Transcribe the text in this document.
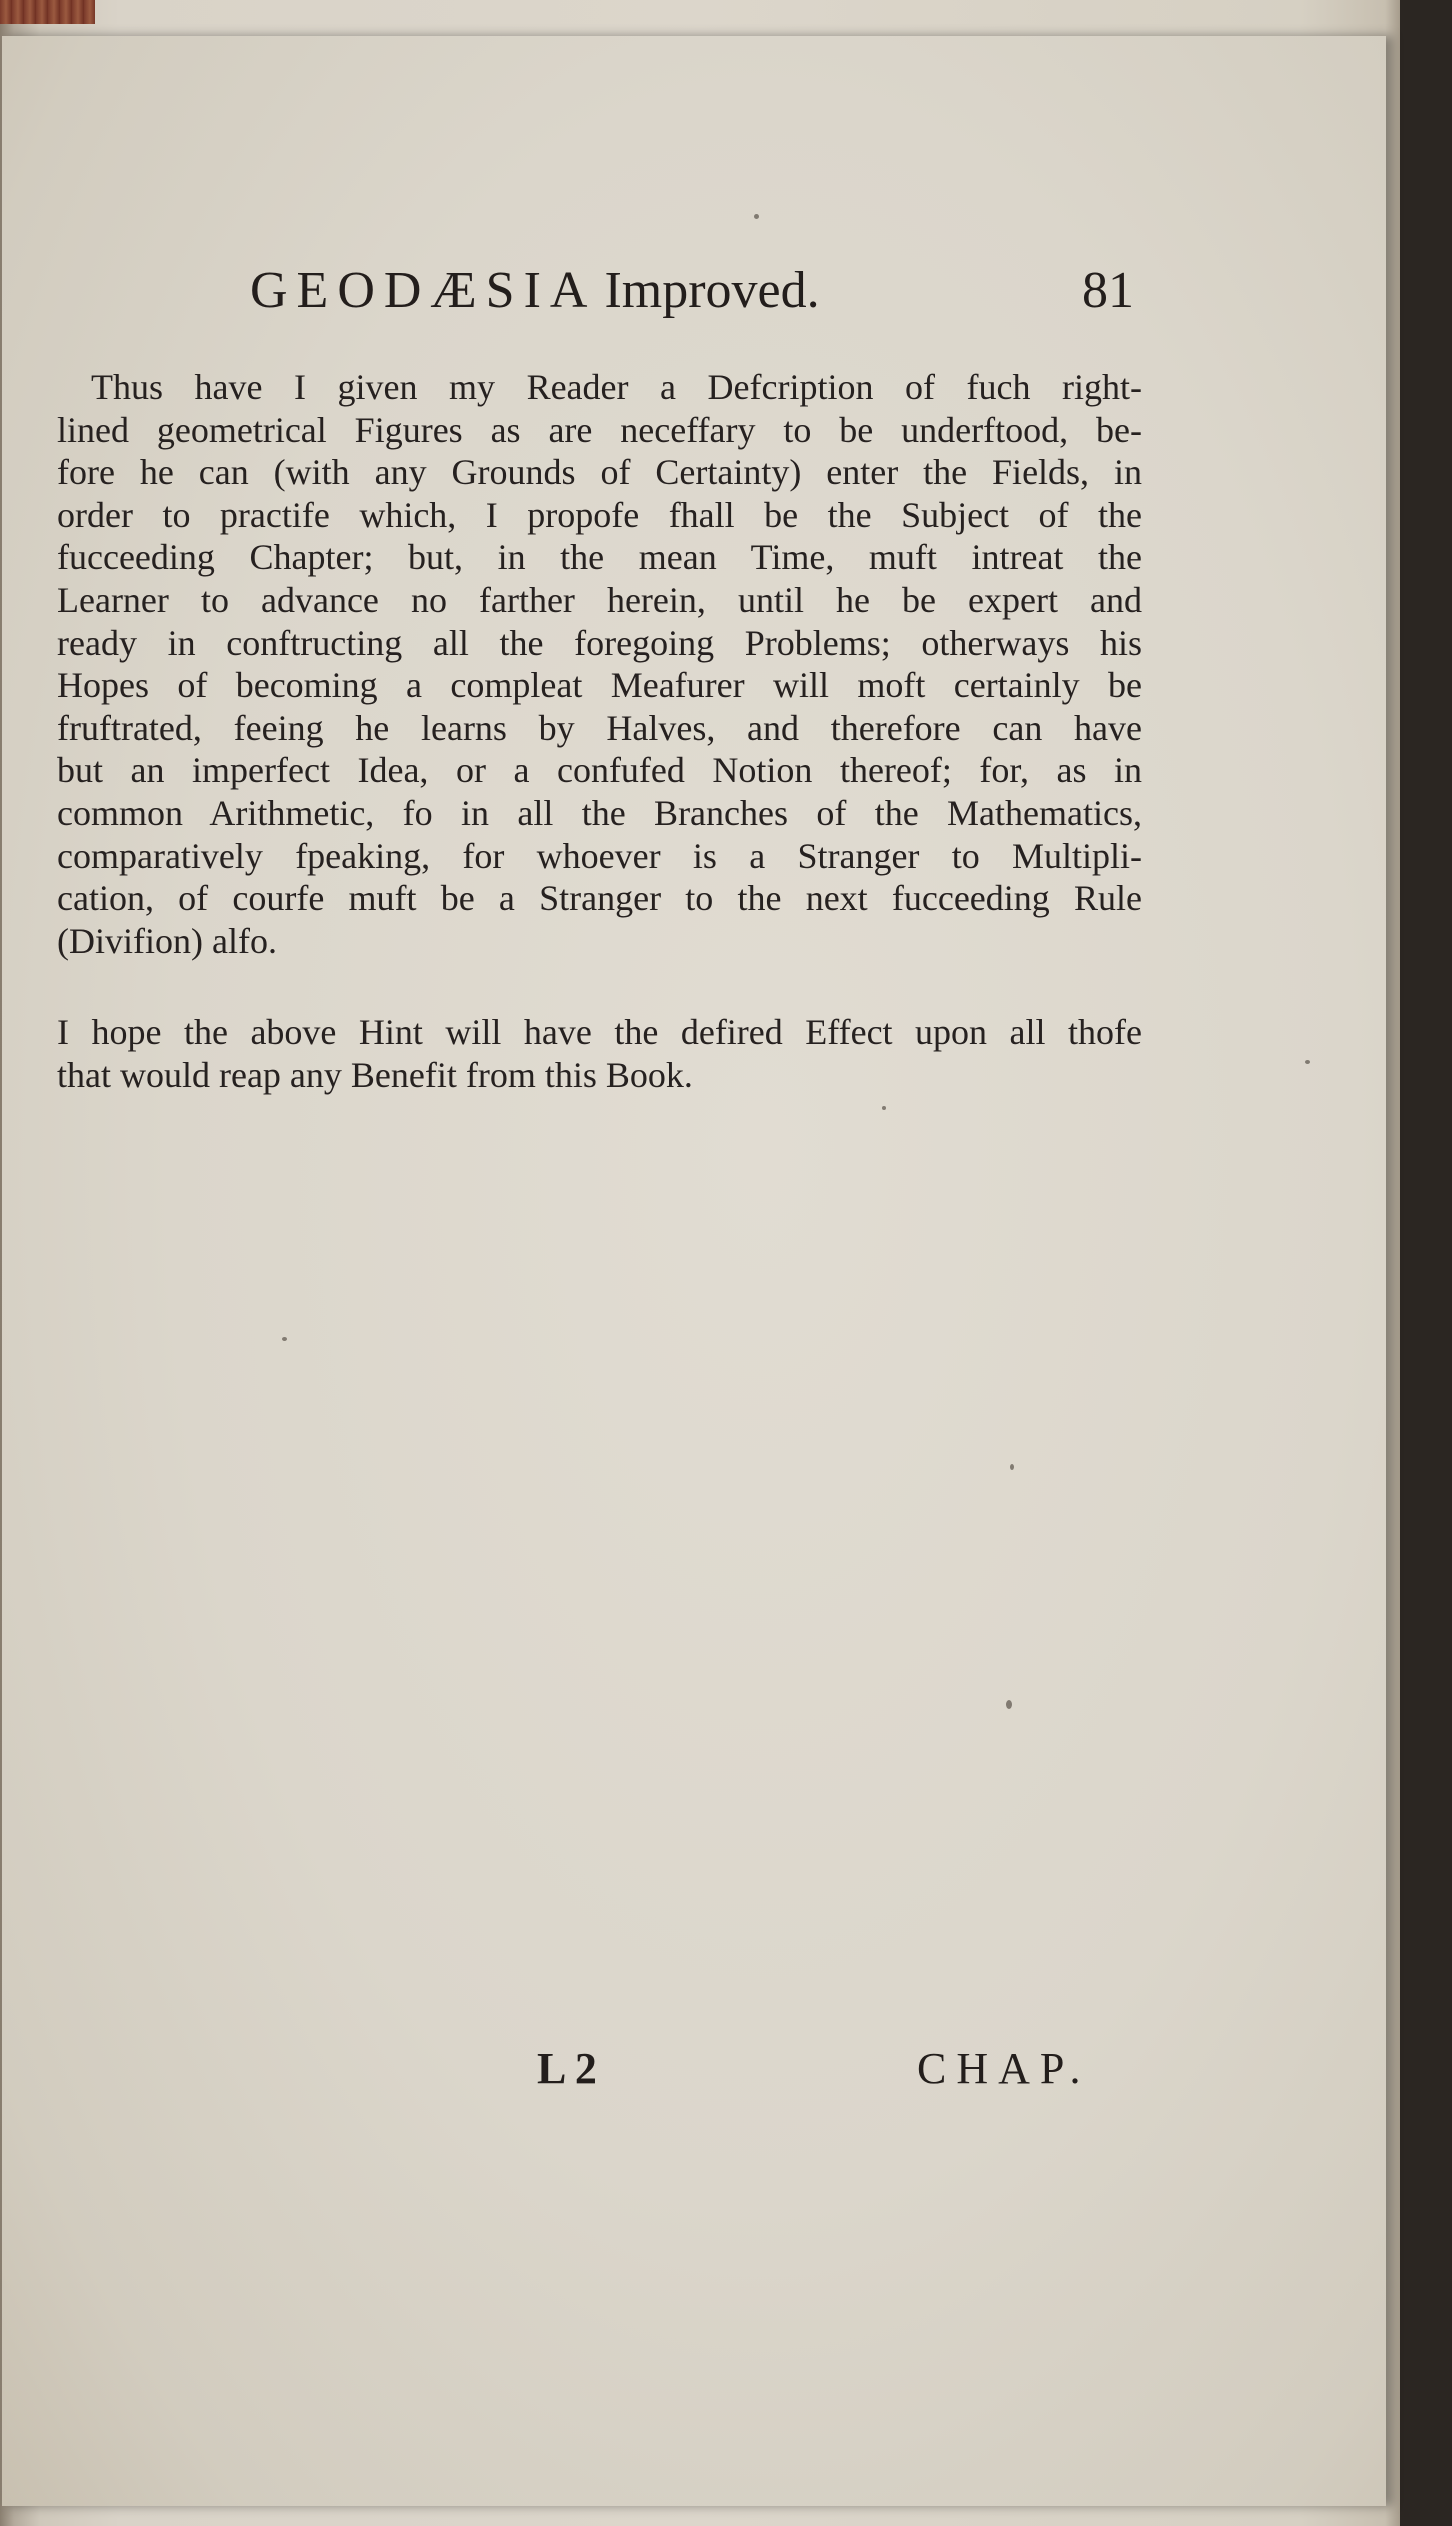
GEODÆSIA Improved.	81
Thus have I given my Reader a Defcription of fuch right-
lined geometrical Figures as are neceffary to be underftood, be-
fore he can (with any Grounds of Certainty) enter the Fields, in
order to practife which, I propofe fhall be the Subject of the
fucceeding Chapter; but, in the mean Time, muft intreat the
Learner to advance no farther herein, until he be expert and
ready in conftructing all the foregoing Problems; otherways his
Hopes of becoming a compleat Meafurer will moft certainly be
fruftrated, feeing he learns by Halves, and therefore can have
but an imperfect Idea, or a confufed Notion thereof; for, as in
common Arithmetic, fo in all the Branches of the Mathematics,
comparatively fpeaking, for whoever is a Stranger to Multipli-
cation, of courfe muft be a Stranger to the next fucceeding Rule
(Divifion) alfo.
I hope the above Hint will have the defired Effect upon all thofe
that would reap any Benefit from this Book.
L 2	CHAP.
